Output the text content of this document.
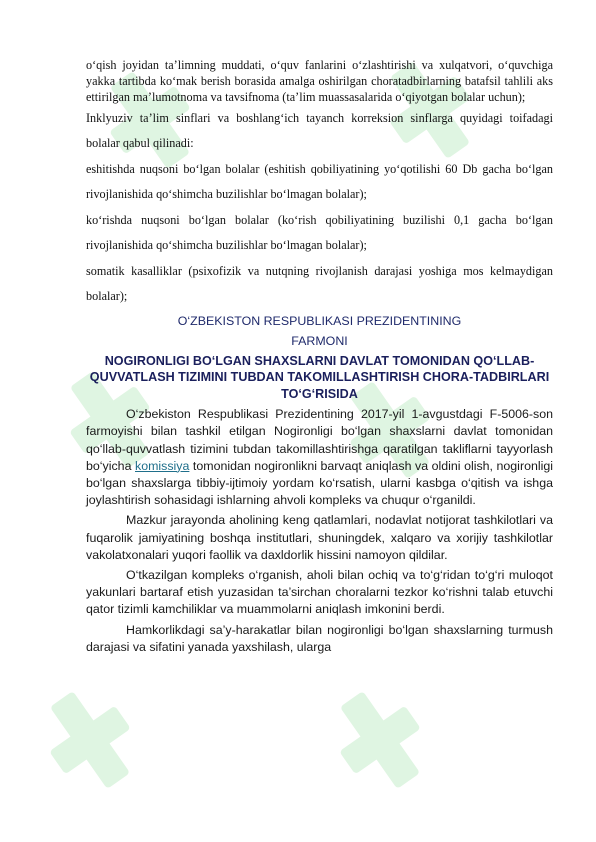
o‘qish joyidan ta’limning muddati, o‘quv fanlarini o‘zlashtirishi va xulqatvori, o‘quvchiga yakka tartibda ko‘mak berish borasida amalga oshirilgan choratadbirlarning batafsil tahlili aks ettirilgan ma’lumotnoma va tavsifnoma (ta’lim muassasalarida o‘qiyotgan bolalar uchun);

Inklyuziv ta’lim sinflari va boshlang‘ich tayanch korreksion sinflarga quyidagi toifadagi bolalar qabul qilinadi:

eshitishda nuqsoni bo‘lgan bolalar (eshitish qobiliyatining yo‘qotilishi 60 Db gacha bo‘lgan rivojlanishida qo‘shimcha buzilishlar bo‘lmagan bolalar);

ko‘rishda nuqsoni bo‘lgan bolalar (ko‘rish qobiliyatining buzilishi 0,1 gacha bo‘lgan rivojlanishida qo‘shimcha buzilishlar bo‘lmagan bolalar);

somatik kasalliklar (psixofizik va nutqning rivojlanish darajasi yoshiga mos kelmaydigan bolalar);

O‘ZBEKISTON RESPUBLIKASI PREZIDENTINING
FARMONI
NOGIRONLIGI BO‘LGAN SHAXSLARNI DAVLAT TOMONIDAN QO‘LLAB-QUVVATLASH TIZIMINI TUBDAN TAKOMILLASHTIRISH CHORA-TADBIRLARI TO‘G‘RISIDA

O‘zbekiston Respublikasi Prezidentining 2017-yil 1-avgustdagi F-5006-son farmoyishi bilan tashkil etilgan Nogironligi bo‘lgan shaxslarni davlat tomonidan qo‘llab-quvvatlash tizimini tubdan takomillashtirishga qaratilgan takliflarni tayyorlash bo‘yicha komissiya tomonidan nogironlikni barvaqt aniqlash va oldini olish, nogironligi bo‘lgan shaxslarga tibbiy-ijtimoiy yordam ko‘rsatish, ularni kasbga o‘qitish va ishga joylashtirish sohasidagi ishlarning ahvoli kompleks va chuqur o‘rganildi.

Mazkur jarayonda aholining keng qatlamlari, nodavlat notijorat tashkilotlari va fuqarolik jamiyatining boshqa institutlari, shuningdek, xalqaro va xorijiy tashkilotlar vakolatxonalari yuqori faollik va daxldorlik hissini namoyon qildilar.

O‘tkazilgan kompleks o‘rganish, aholi bilan ochiq va to‘g‘ridan to‘g‘ri muloqot yakunlari bartaraf etish yuzasidan ta’sirchan choralarni tezkor ko‘rishni talab etuvchi qator tizimli kamchiliklar va muammolarni aniqlash imkonini berdi.

Hamkorlikdagi sa’y-harakatlar bilan nogironligi bo‘lgan shaxslarning turmush darajasi va sifatini yanada yaxshilash, ularga
